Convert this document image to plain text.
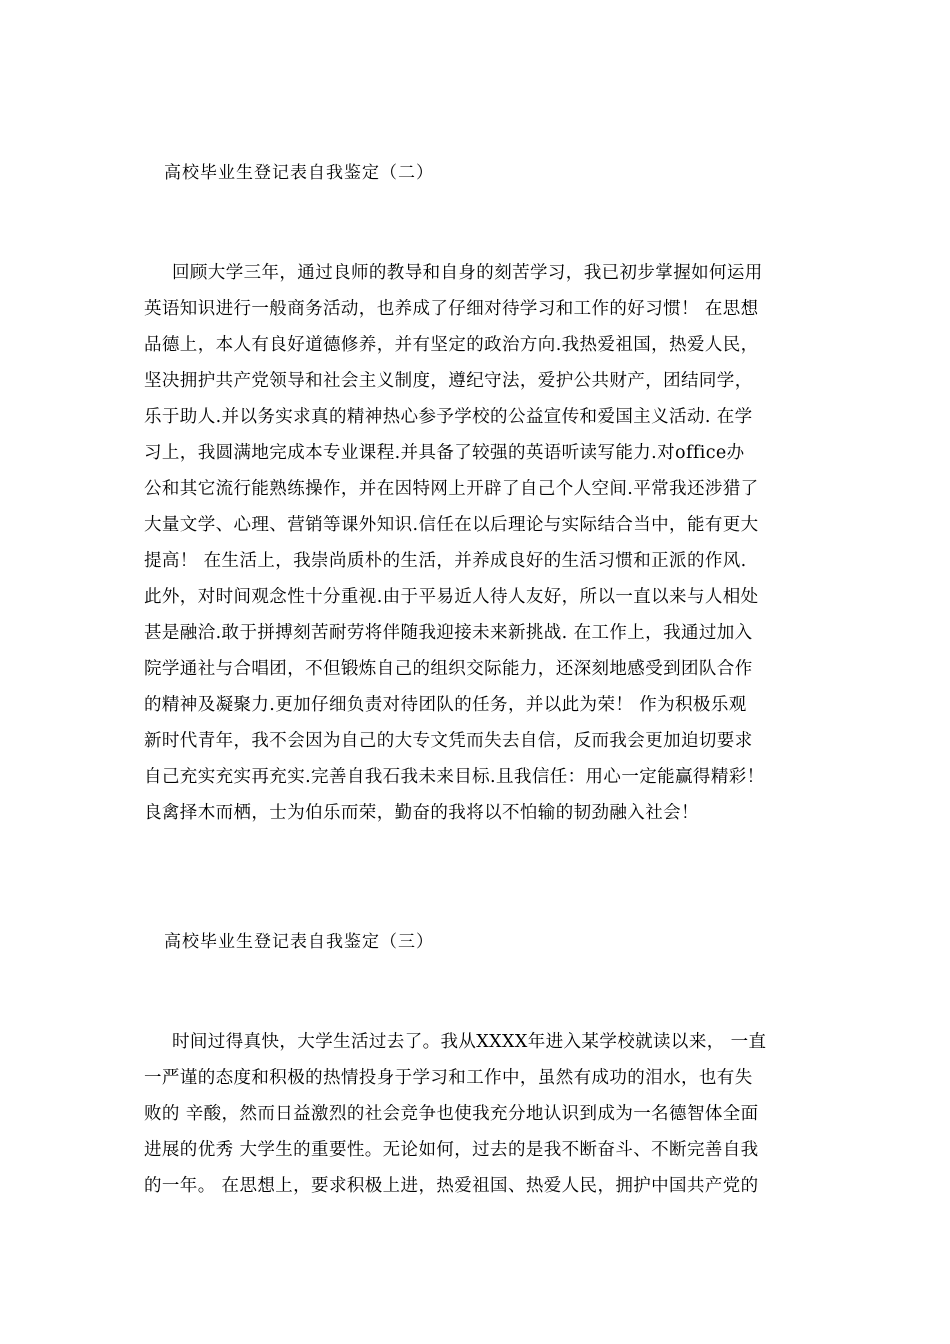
高校毕业生登记表自我鉴定（二）
回顾大学三年，通过良师的教导和自身的刻苦学习，我已初步掌握如何运用
英语知识进行一般商务活动，也养成了仔细对待学习和工作的好习惯！ 在思想
品德上，本人有良好道德修养，并有坚定的政治方向.我热爱祖国，热爱人民，
坚决拥护共产党领导和社会主义制度，遵纪守法，爱护公共财产，团结同学，
乐于助人.并以务实求真的精神热心参予学校的公益宣传和爱国主义活动. 在学
习上，我圆满地完成本专业课程.并具备了较强的英语听读写能力.对office办
公和其它流行能熟练操作，并在因特网上开辟了自己个人空间.平常我还涉猎了
大量文学、心理、营销等课外知识.信任在以后理论与实际结合当中，能有更大
提高！ 在生活上，我崇尚质朴的生活，并养成良好的生活习惯和正派的作风.
此外，对时间观念性十分重视.由于平易近人待人友好，所以一直以来与人相处
甚是融洽.敢于拼搏刻苦耐劳将伴随我迎接未来新挑战. 在工作上，我通过加入
院学通社与合唱团，不但锻炼自己的组织交际能力，还深刻地感受到团队合作
的精神及凝聚力.更加仔细负责对待团队的任务，并以此为荣！ 作为积极乐观
新时代青年，我不会因为自己的大专文凭而失去自信，反而我会更加迫切要求
自己充实充实再充实.完善自我石我未来目标.且我信任：用心一定能赢得精彩！
良禽择木而栖，士为伯乐而荣，勤奋的我将以不怕输的韧劲融入社会！
高校毕业生登记表自我鉴定（三）
时间过得真快，大学生活过去了。我从XXXX年进入某学校就读以来， 一直
一严谨的态度和积极的热情投身于学习和工作中，虽然有成功的泪水，也有失
败的 辛酸，然而日益激烈的社会竞争也使我充分地认识到成为一名德智体全面
进展的优秀 大学生的重要性。无论如何，过去的是我不断奋斗、不断完善自我
的一年。 在思想上，要求积极上进，热爱祖国、热爱人民，拥护中国共产党的
